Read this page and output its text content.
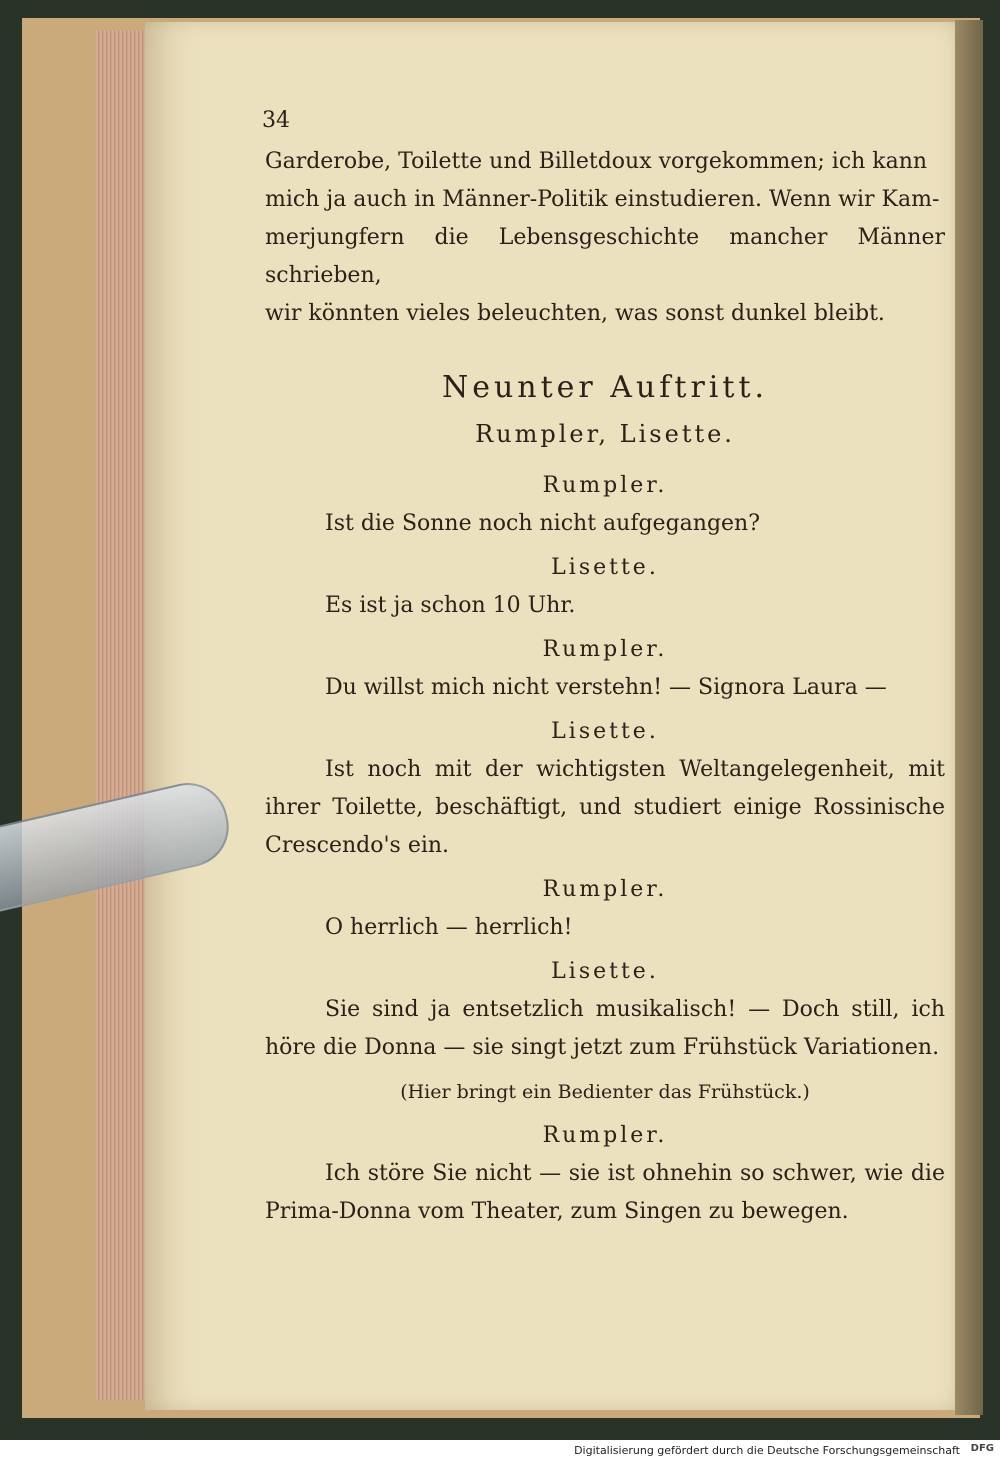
34

Garderobe, Toilette und Billetdoux vorgekommen; ich kann

mich ja auch in Männer-Politik einstudieren. Wenn wir Kam-

merjungfern die Lebensgeschichte mancher Männer schrieben,

wir könnten vieles beleuchten, was sonst dunkel bleibt.

Neunter Auftritt.
Rumpler, Lisette.
Rumpler.

Ist die Sonne noch nicht aufgegangen?

Lisette.

Es ist ja schon 10 Uhr.

Rumpler.

Du willst mich nicht verstehn! — Signora Laura —

Lisette.

Ist noch mit der wichtigsten Weltangelegenheit, mit ihrer Toilette, beschäftigt, und studiert einige Rossinische Crescendo's ein.

Rumpler.

O herrlich — herrlich!

Lisette.

Sie sind ja entsetzlich musikalisch! — Doch still, ich höre die Donna — sie singt jetzt zum Frühstück Variationen.

(Hier bringt ein Bedienter das Frühstück.)

Rumpler.

Ich störe Sie nicht — sie ist ohnehin so schwer, wie die Prima-Donna vom Theater, zum Singen zu bewegen.

Digitalisierung gefördert durch die Deutsche Forschungsgemeinschaft DFG
